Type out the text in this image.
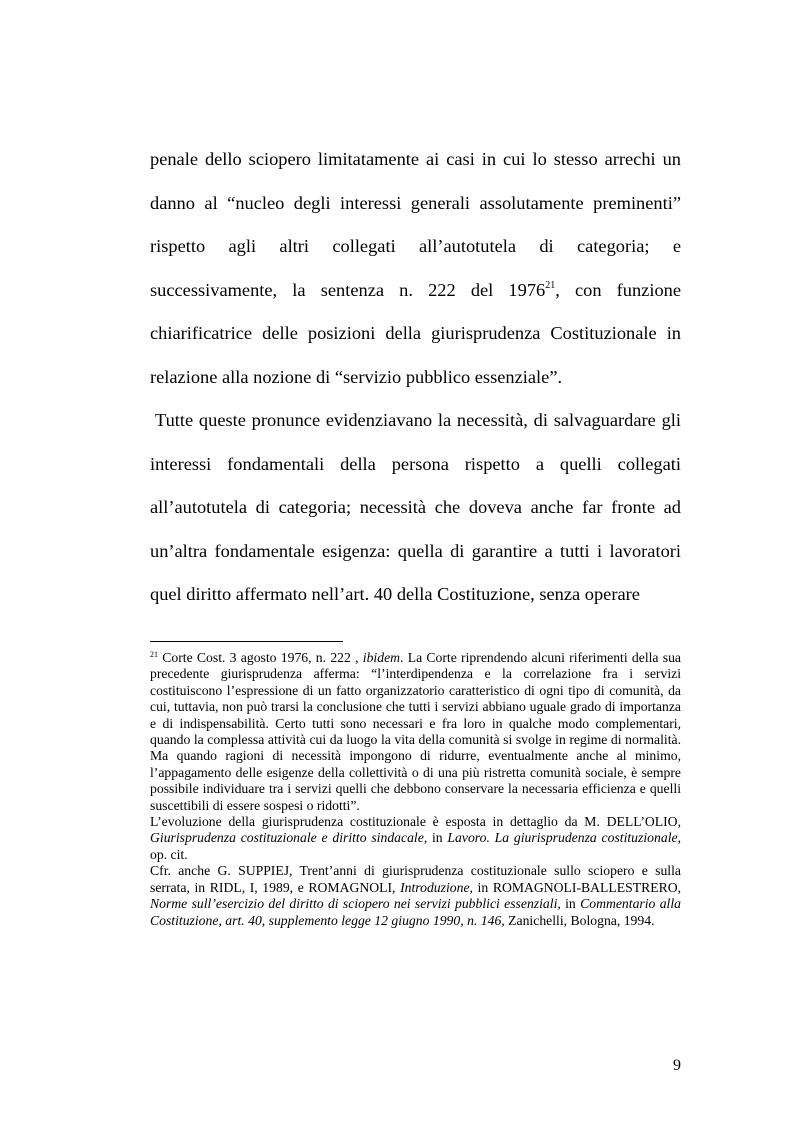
penale dello sciopero limitatamente ai casi in cui lo stesso arrechi un danno al “nucleo degli interessi generali assolutamente preminenti” rispetto agli altri collegati all’autotutela di categoria; e successivamente, la sentenza n. 222 del 1976$^{21}$, con funzione chiarificatrice delle posizioni della giurisprudenza Costituzionale in relazione alla nozione di “servizio pubblico essenziale”.

Tutte queste pronunce evidenziavano la necessità, di salvaguardare gli interessi fondamentali della persona rispetto a quelli collegati all’autotutela di categoria; necessità che doveva anche far fronte ad un’altra fondamentale esigenza: quella di garantire a tutti i lavoratori quel diritto affermato nell’art. 40 della Costituzione, senza operare

$^{21}$ Corte Cost. 3 agosto 1976, n. 222 , ibidem. La Corte riprendendo alcuni riferimenti della sua precedente giurisprudenza afferma: “l’interdipendenza e la correlazione fra i servizi costituiscono l’espressione di un fatto organizzatorio caratteristico di ogni tipo di comunità, da cui, tuttavia, non può trarsi la conclusione che tutti i servizi abbiano uguale grado di importanza e di indispensabilità. Certo tutti sono necessari e fra loro in qualche modo complementari, quando la complessa attività cui da luogo la vita della comunità si svolge in regime di normalità. Ma quando ragioni di necessità impongono di ridurre, eventualmente anche al minimo, l’appagamento delle esigenze della collettività o di una più ristretta comunità sociale, è sempre possibile individuare tra i servizi quelli che debbono conservare la necessaria efficienza e quelli suscettibili di essere sospesi o ridotti”.

L’evoluzione della giurisprudenza costituzionale è esposta in dettaglio da M. DELL’OLIO, Giurisprudenza costituzionale e diritto sindacale, in Lavoro. La giurisprudenza costituzionale, op. cit.

Cfr. anche G. SUPPIEJ, Trent’anni di giurisprudenza costituzionale sullo sciopero e sulla serrata, in RIDL, I, 1989, e ROMAGNOLI, Introduzione, in ROMAGNOLI-BALLESTRERO, Norme sull’esercizio del diritto di sciopero nei servizi pubblici essenziali, in Commentario alla Costituzione, art. 40, supplemento legge 12 giugno 1990, n. 146, Zanichelli, Bologna, 1994.

9
